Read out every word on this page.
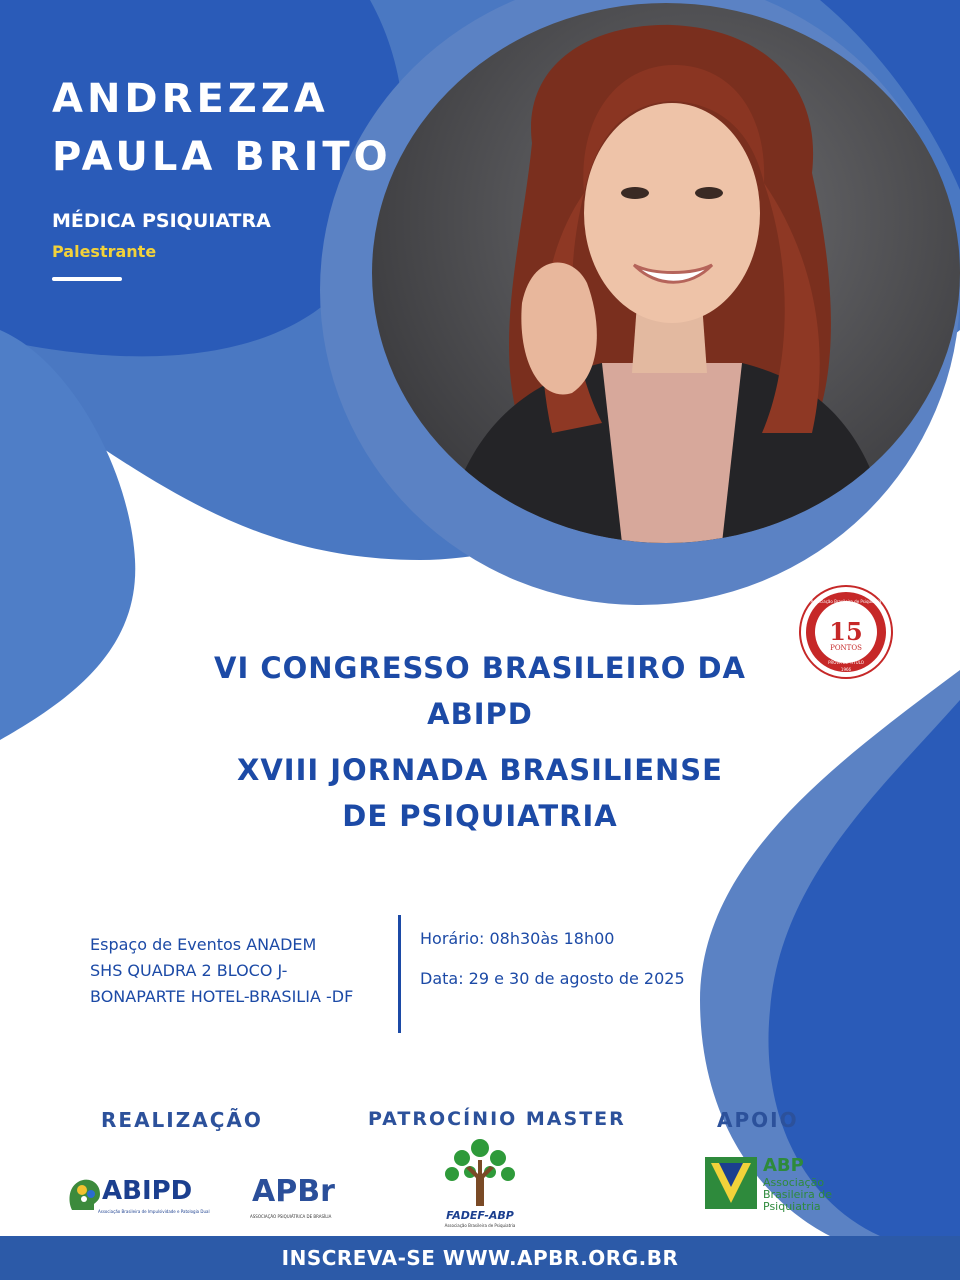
ANDREZZA
PAULA BRITO
MÉDICA PSIQUIATRA
Palestrante
15
PONTOS
Associação Brasileira de Psiquiatria
PROVA DE TÍTULO
1966
VI CONGRESSO BRASILEIRO DA
ABIPD
XVIII JORNADA BRASILIENSE
DE PSIQUIATRIA
Espaço de Eventos ANADEM
SHS QUADRA 2 BLOCO J-
BONAPARTE HOTEL-BRASILIA -DF
Horário: 08h30às 18h00
Data: 29 e 30 de agosto de 2025
REALIZAÇÃO	PATROCÍNIO MASTER	APOIO
ABIPD
Associação Brasileira de Impulsividade e Patologia Dual
APBr
ASSOCIAÇÃO PSIQUIÁTRICA DE BRASÍLIA	FADEF-ABP
Associação Brasileira de Psiquiatria
ABP
Associação
Brasileira de
Psiquiatria
INSCREVA-SE WWW.APBR.ORG.BR
